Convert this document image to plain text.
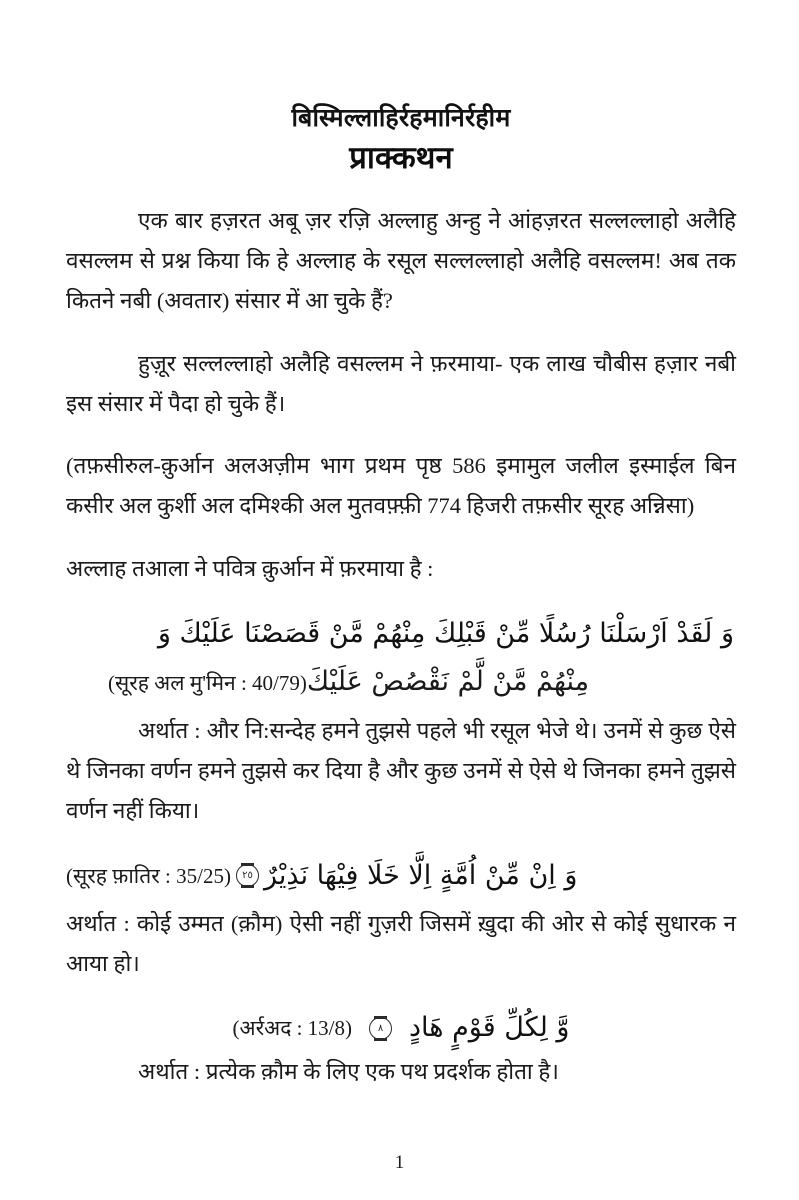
बिस्मिल्लाहिर्रहमानिर्रहीम
प्राक्कथन

एक बार हज़रत अबू ज़र रज़ि अल्लाहु अन्हु ने आंहज़रत सल्लल्लाहो अलैहि वसल्लम से प्रश्न किया कि हे अल्लाह के रसूल सल्लल्लाहो अलैहि वसल्लम! अब तक कितने नबी (अवतार) संसार में आ चुके हैं?

हुज़ूर सल्लल्लाहो अलैहि वसल्लम ने फ़रमाया- एक लाख चौबीस हज़ार नबी इस संसार में पैदा हो चुके हैं।

(तफ़सीरुल-क़ुर्आन अलअज़ीम भाग प्रथम पृष्ठ 586 इमामुल जलील इस्माईल बिन कसीर अल कुर्शी अल दमिश्की अल मुतवफ़्फ़ी 774 हिजरी तफ़सीर सूरह अन्निसा)

अल्लाह तआला ने पवित्र क़ुर्आन में फ़रमाया है :

وَ لَقَدْ اَرْسَلْنَا رُسُلًا مِّنْ قَبْلِكَ مِنْهُمْ مَّنْ قَصَصْنَا عَلَيْكَ وَ
(सूरह अल मु'मिन : 40/79) مِنْهُمْ مَّنْ لَّمْ نَقْصُصْ عَلَيْكَ

अर्थात : और नि:सन्देह हमने तुझसे पहले भी रसूल भेजे थे। उनमें से कुछ ऐसे थे जिनका वर्णन हमने तुझसे कर दिया है और कुछ उनमें से ऐसे थे जिनका हमने तुझसे वर्णन नहीं किया।

(सूरह फ़ातिर : 35/25)	٢٥ وَ اِنْ مِّنْ اُمَّةٍ اِلَّا خَلَا فِيْهَا نَذِيْرٌ

अर्थात : कोई उम्मत (क़ौम) ऐसी नहीं गुज़री जिसमें ख़ुदा की ओर से कोई सुधारक न आया हो।

(अर्रअद : 13/8)	٨ وَّ لِكُلِّ قَوْمٍ هَادٍ

अर्थात : प्रत्येक क़ौम के लिए एक पथ प्रदर्शक होता है।

1
